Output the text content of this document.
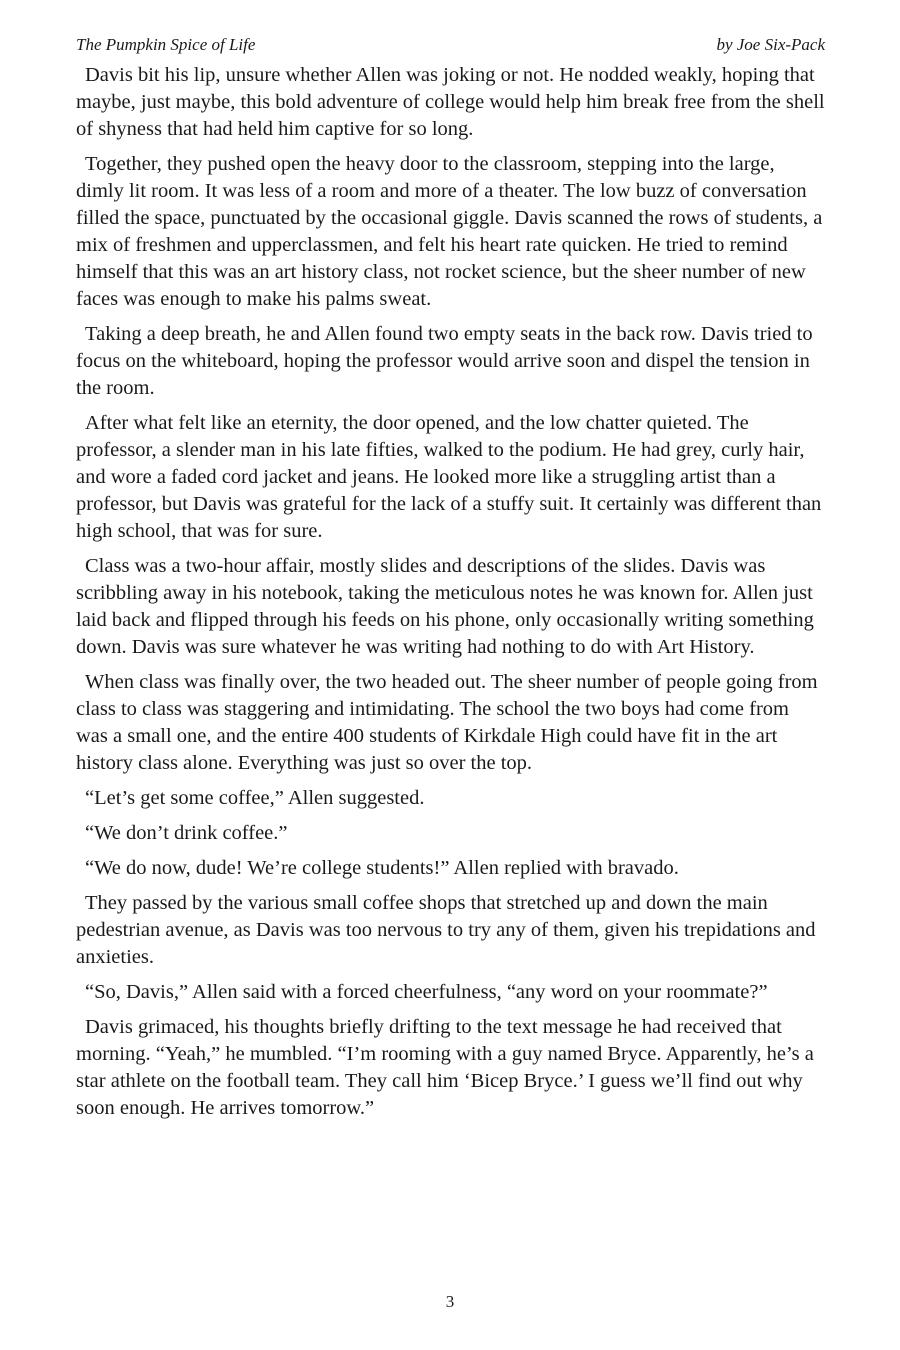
The Pumpkin Spice of Life	by Joe Six-Pack

Davis bit his lip, unsure whether Allen was joking or not. He nodded weakly, hoping that maybe, just maybe, this bold adventure of college would help him break free from the shell of shyness that had held him captive for so long.

Together, they pushed open the heavy door to the classroom, stepping into the large, dimly lit room. It was less of a room and more of a theater. The low buzz of conversation filled the space, punctuated by the occasional giggle. Davis scanned the rows of students, a mix of freshmen and upperclassmen, and felt his heart rate quicken. He tried to remind himself that this was an art history class, not rocket science, but the sheer number of new faces was enough to make his palms sweat.

Taking a deep breath, he and Allen found two empty seats in the back row. Davis tried to focus on the whiteboard, hoping the professor would arrive soon and dispel the tension in the room.

After what felt like an eternity, the door opened, and the low chatter quieted. The professor, a slender man in his late fifties, walked to the podium. He had grey, curly hair, and wore a faded cord jacket and jeans. He looked more like a struggling artist than a professor, but Davis was grateful for the lack of a stuffy suit. It certainly was different than high school, that was for sure.

Class was a two-hour affair, mostly slides and descriptions of the slides. Davis was scribbling away in his notebook, taking the meticulous notes he was known for. Allen just laid back and flipped through his feeds on his phone, only occasionally writing something down. Davis was sure whatever he was writing had nothing to do with Art History.

When class was finally over, the two headed out. The sheer number of people going from class to class was staggering and intimidating. The school the two boys had come from was a small one, and the entire 400 students of Kirkdale High could have fit in the art history class alone. Everything was just so over the top.

“Let’s get some coffee,” Allen suggested.

“We don’t drink coffee.”

“We do now, dude! We’re college students!” Allen replied with bravado.

They passed by the various small coffee shops that stretched up and down the main pedestrian avenue, as Davis was too nervous to try any of them, given his trepidations and anxieties.

“So, Davis,” Allen said with a forced cheerfulness, “any word on your roommate?”

Davis grimaced, his thoughts briefly drifting to the text message he had received that morning. “Yeah,” he mumbled. “I’m rooming with a guy named Bryce. Apparently, he’s a star athlete on the football team. They call him ‘Bicep Bryce.’ I guess we’ll find out why soon enough. He arrives tomorrow.”

3
